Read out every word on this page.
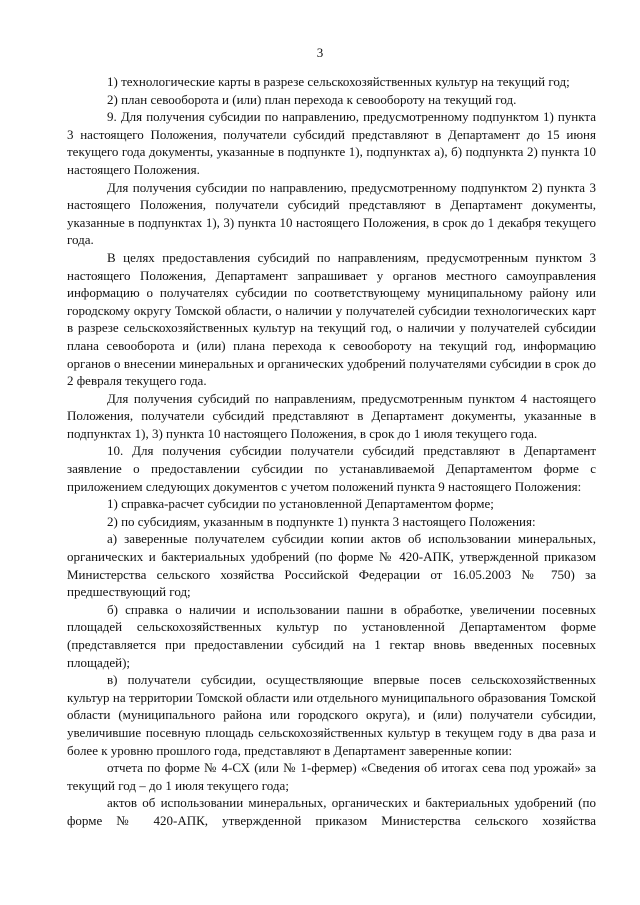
3

1) технологические карты в разрезе сельскохозяйственных культур на текущий год;

2) план севооборота и (или) план перехода к севообороту на текущий год.

9. Для получения субсидии по направлению, предусмотренному подпунктом 1) пункта 3 настоящего Положения, получатели субсидий представляют в Департамент до 15 июня текущего года документы, указанные в подпункте 1), подпунктах а), б) подпункта 2) пункта 10 настоящего Положения.

Для получения субсидии по направлению, предусмотренному подпунктом 2) пункта 3 настоящего Положения, получатели субсидий представляют в Департамент документы, указанные в подпунктах 1), 3) пункта 10 настоящего Положения, в срок до 1 декабря текущего года.

В целях предоставления субсидий по направлениям, предусмотренным пунктом 3 настоящего Положения, Департамент запрашивает у органов местного самоуправления информацию о получателях субсидии по соответствующему муниципальному району или городскому округу Томской области, о наличии у получателей субсидии технологических карт в разрезе сельскохозяйственных культур на текущий год, о наличии у получателей субсидии плана севооборота и (или) плана перехода к севообороту на текущий год, информацию органов о внесении минеральных и органических удобрений получателями субсидии в срок до 2 февраля текущего года.

Для получения субсидий по направлениям, предусмотренным пунктом 4 настоящего Положения, получатели субсидий представляют в Департамент документы, указанные в подпунктах 1), 3) пункта 10 настоящего Положения, в срок до 1 июля текущего года.

10. Для получения субсидии получатели субсидий представляют в Департамент заявление о предоставлении субсидии по устанавливаемой Департаментом форме с приложением следующих документов с учетом положений пункта 9 настоящего Положения:

1) справка-расчет субсидии по установленной Департаментом форме;

2) по субсидиям, указанным в подпункте 1) пункта 3 настоящего Положения:

а) заверенные получателем субсидии копии актов об использовании минеральных, органических и бактериальных удобрений (по форме № 420-АПК, утвержденной приказом Министерства сельского хозяйства Российской Федерации от 16.05.2003 № 750) за предшествующий год;

б) справка о наличии и использовании пашни в обработке, увеличении посевных площадей сельскохозяйственных культур по установленной Департаментом форме (представляется при предоставлении субсидий на 1 гектар вновь введенных посевных площадей);

в) получатели субсидии, осуществляющие впервые посев сельскохозяйственных культур на территории Томской области или отдельного муниципального образования Томской области (муниципального района или городского округа), и (или) получатели субсидии, увеличившие посевную площадь сельскохозяйственных культур в текущем году в два раза и более к уровню прошлого года, представляют в Департамент заверенные копии:

отчета по форме № 4-СХ (или № 1-фермер) «Сведения об итогах сева под урожай» за текущий год – до 1 июля текущего года;

актов об использовании минеральных, органических и бактериальных удобрений (по форме № 420-АПК, утвержденной приказом Министерства сельского хозяйства
